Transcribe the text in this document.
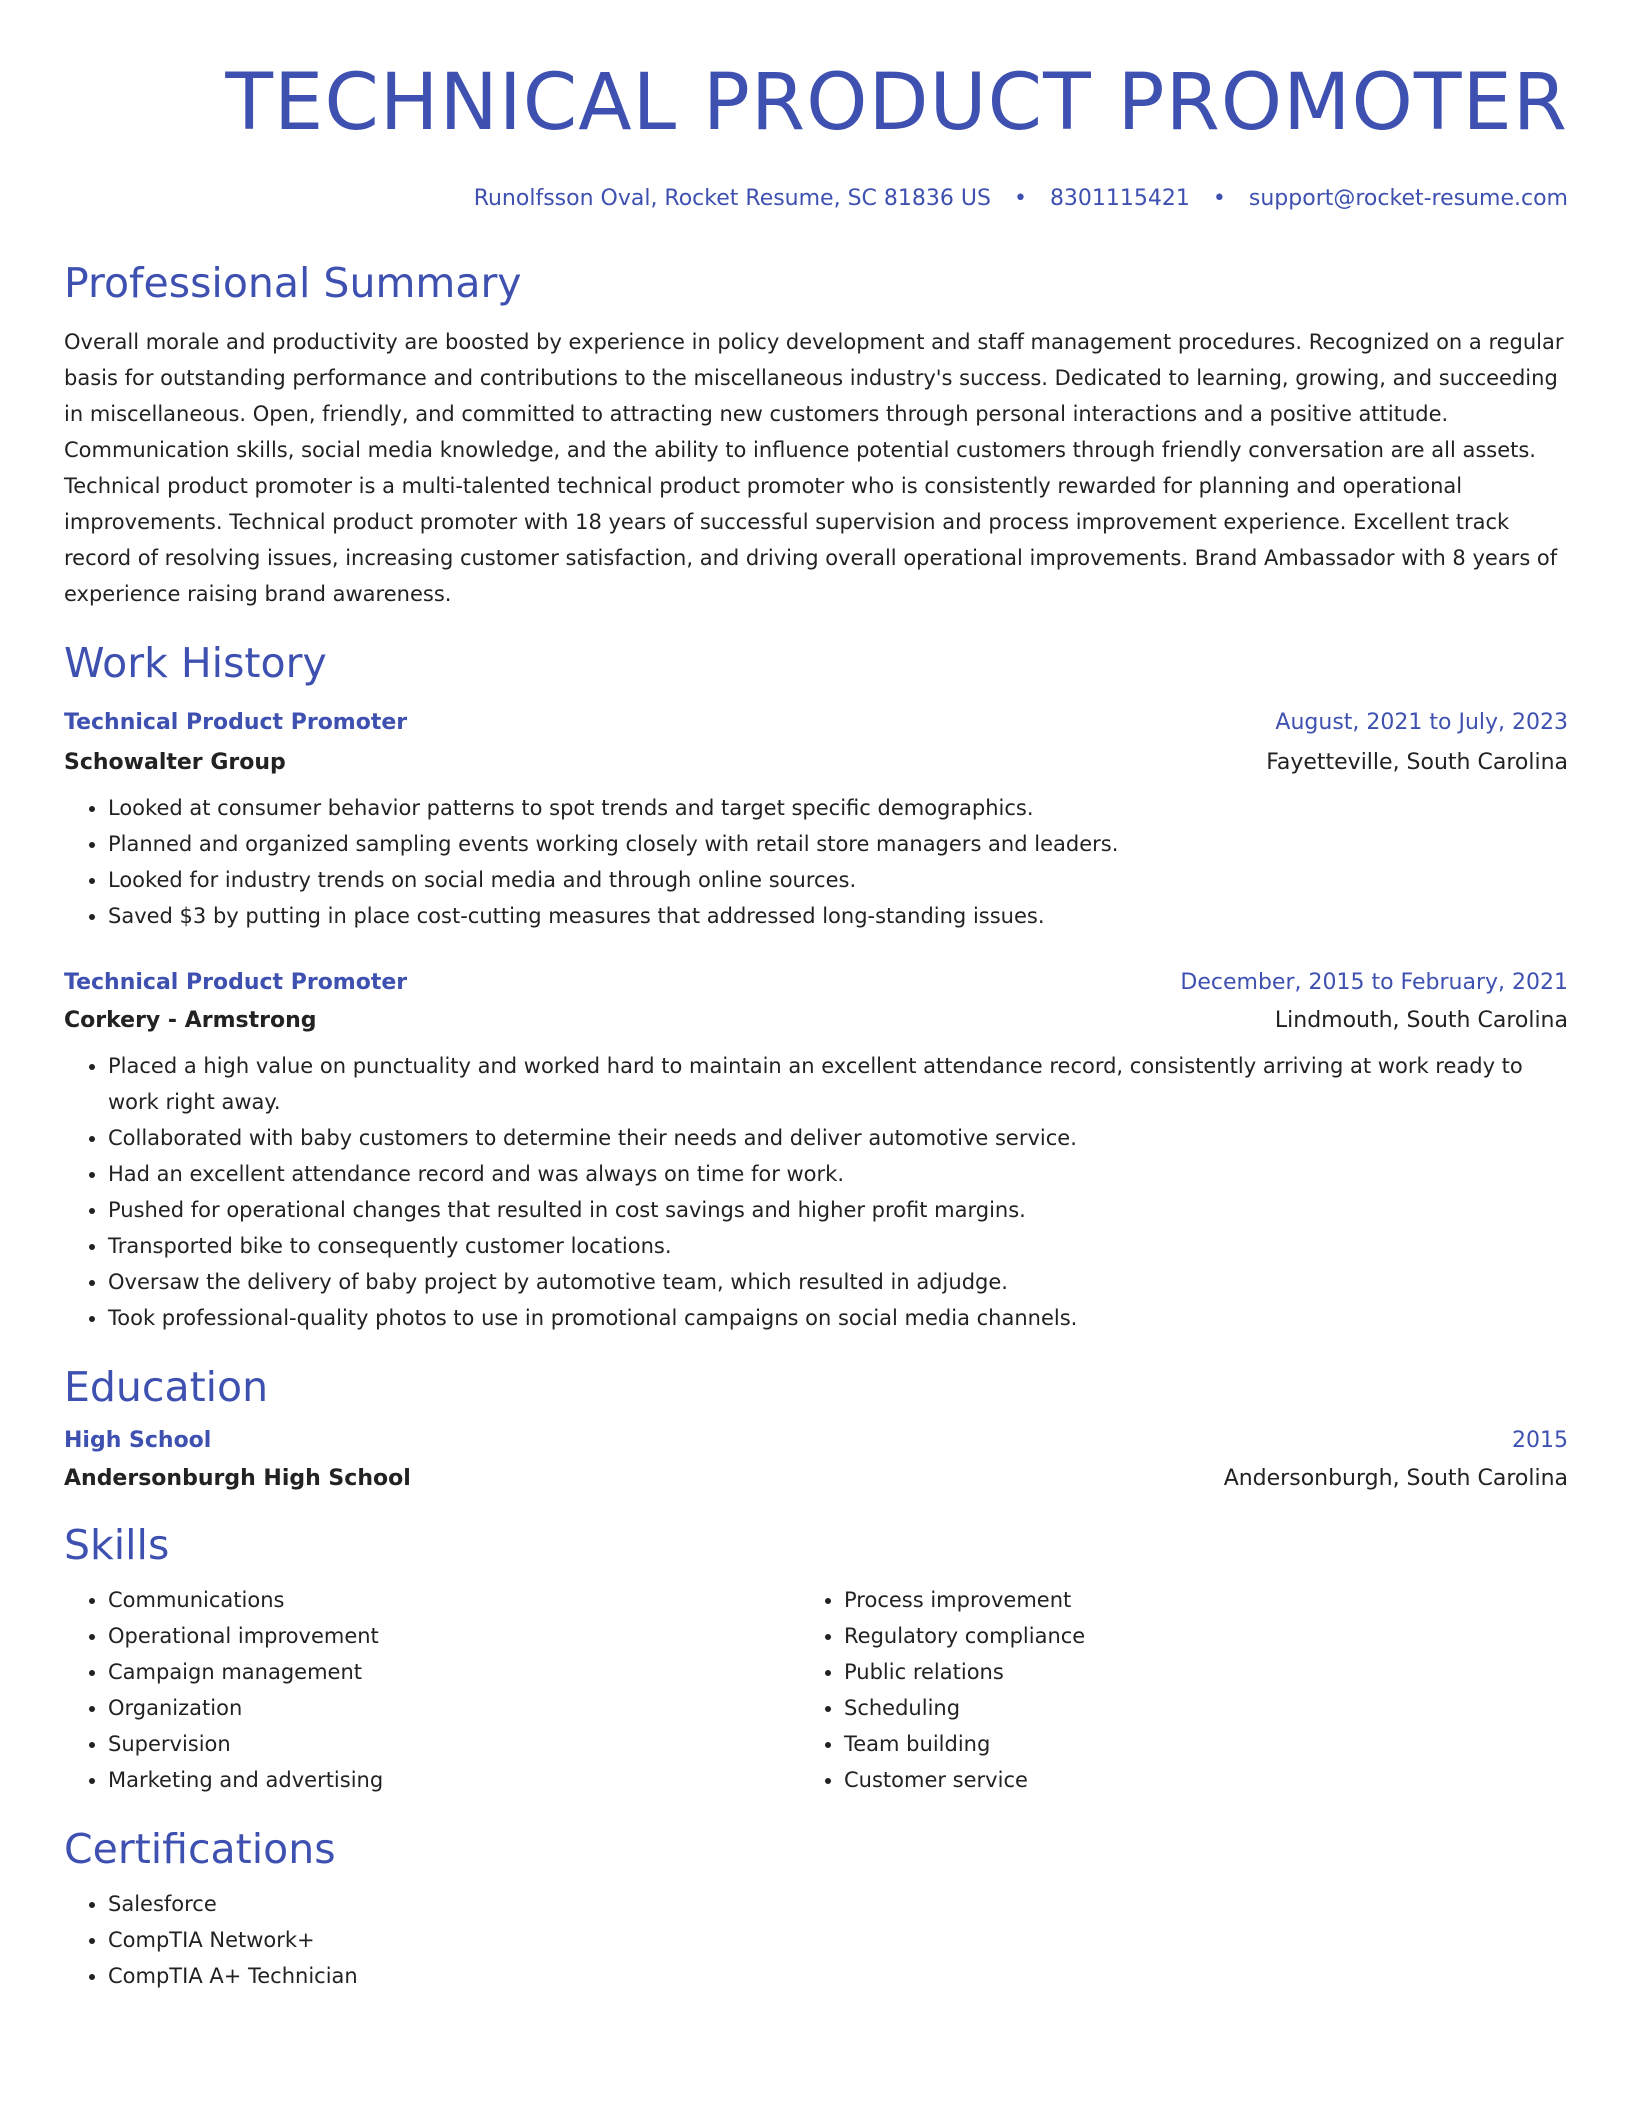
TECHNICAL PRODUCT PROMOTER
Runolfsson Oval, Rocket Resume, SC 81836 US • 8301115421 • support@rocket-resume.com
Professional Summary
Overall morale and productivity are boosted by experience in policy development and staff management procedures. Recognized on a regular basis for outstanding performance and contributions to the miscellaneous industry's success. Dedicated to learning, growing, and succeeding in miscellaneous. Open, friendly, and committed to attracting new customers through personal interactions and a positive attitude. Communication skills, social media knowledge, and the ability to influence potential customers through friendly conversation are all assets. Technical product promoter is a multi-talented technical product promoter who is consistently rewarded for planning and operational improvements. Technical product promoter with 18 years of successful supervision and process improvement experience. Excellent track record of resolving issues, increasing customer satisfaction, and driving overall operational improvements. Brand Ambassador with 8 years of experience raising brand awareness.
Work History
Technical Product Promoter	August, 2021 to July, 2023
Schowalter Group	Fayetteville, South Carolina
• Looked at consumer behavior patterns to spot trends and target specific demographics.
• Planned and organized sampling events working closely with retail store managers and leaders.
• Looked for industry trends on social media and through online sources.
• Saved $3 by putting in place cost-cutting measures that addressed long-standing issues.
Technical Product Promoter	December, 2015 to February, 2021
Corkery - Armstrong	Lindmouth, South Carolina
• Placed a high value on punctuality and worked hard to maintain an excellent attendance record, consistently arriving at work ready to work right away.
• Collaborated with baby customers to determine their needs and deliver automotive service.
• Had an excellent attendance record and was always on time for work.
• Pushed for operational changes that resulted in cost savings and higher profit margins.
• Transported bike to consequently customer locations.
• Oversaw the delivery of baby project by automotive team, which resulted in adjudge.
• Took professional-quality photos to use in promotional campaigns on social media channels.
Education
High School	2015
Andersonburgh High School	Andersonburgh, South Carolina
Skills
• Communications
• Operational improvement
• Campaign management
• Organization
• Supervision
• Marketing and advertising
• Process improvement
• Regulatory compliance
• Public relations
• Scheduling
• Team building
• Customer service
Certifications
• Salesforce
• CompTIA Network+
• CompTIA A+ Technician
